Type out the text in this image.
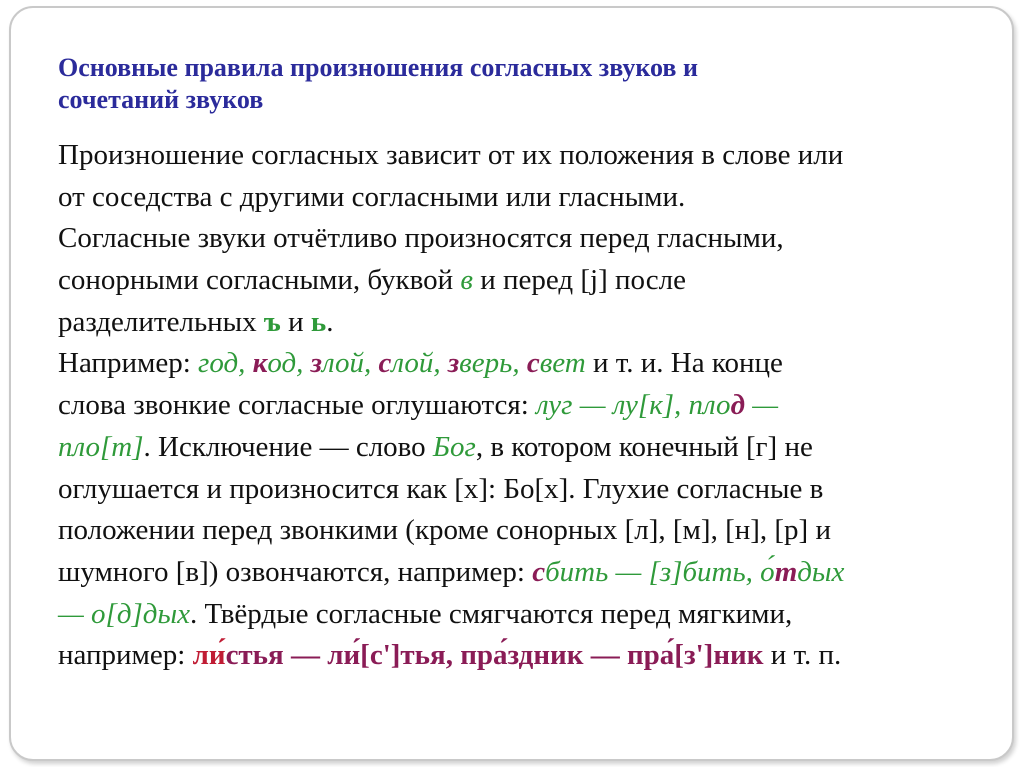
Основные правила произношения согласных звуков и
сочетаний звуков
Произношение согласных зависит от их положения в слове или
от соседства с другими согласными или гласными.
Согласные звуки отчётливо произносятся перед гласными,
сонорными согласными, буквой в и перед [j] после
разделительных ъ и ь.
Например: год, код, злой, слой, зверь, свет и т. и. На конце
слова звонкие согласные оглушаются: луг — лу[к], плод —
пло[т]. Исключение — слово Бог, в котором конечный [г] не
оглушается и произносится как [х]: Бо[х]. Глухие согласные в
положении перед звонкими (кроме сонорных [л], [м], [н], [р] и
шумного [в]) озвончаются, например: сбить — [з]бить, о́тдых
— о[д]дых. Твёрдые согласные смягчаются перед мягкими,
например: ли́стья — ли́[с']тья, пра́здник — пра́[з']ник и т. п.
